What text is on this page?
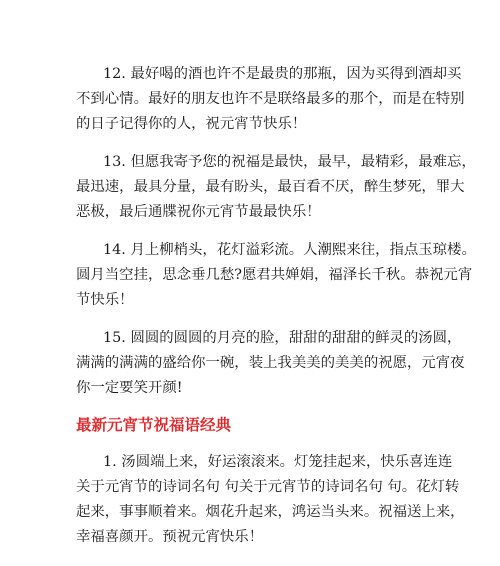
12. 最好喝的酒也许不是最贵的那瓶，因为买得到酒却买
不到心情。最好的朋友也许不是联络最多的那个，而是在特别
的日子记得你的人，祝元宵节快乐！

13. 但愿我寄予您的祝福是最快，最早，最精彩，最难忘，
最迅速，最具分量，最有盼头，最百看不厌，醉生梦死，罪大
恶极，最后通牒祝你元宵节最最快乐！

14. 月上柳梢头，花灯溢彩流。人潮熙来往，指点玉琼楼。
圆月当空挂，思念垂几愁?愿君共婵娟，福泽长千秋。恭祝元宵
节快乐！

15. 圆圆的圆圆的月亮的脸，甜甜的甜甜的鲜灵的汤圆，
满满的满满的盛给你一碗，装上我美美的美美的祝愿，元宵夜
你一定要笑开颜!

最新元宵节祝福语经典

1. 汤圆端上来，好运滚滚来。灯笼挂起来，快乐喜连连
关于元宵节的诗词名句 句关于元宵节的诗词名句 句。花灯转
起来，事事顺着来。烟花升起来，鸿运当头来。祝福送上来，
幸福喜颜开。预祝元宵快乐！
